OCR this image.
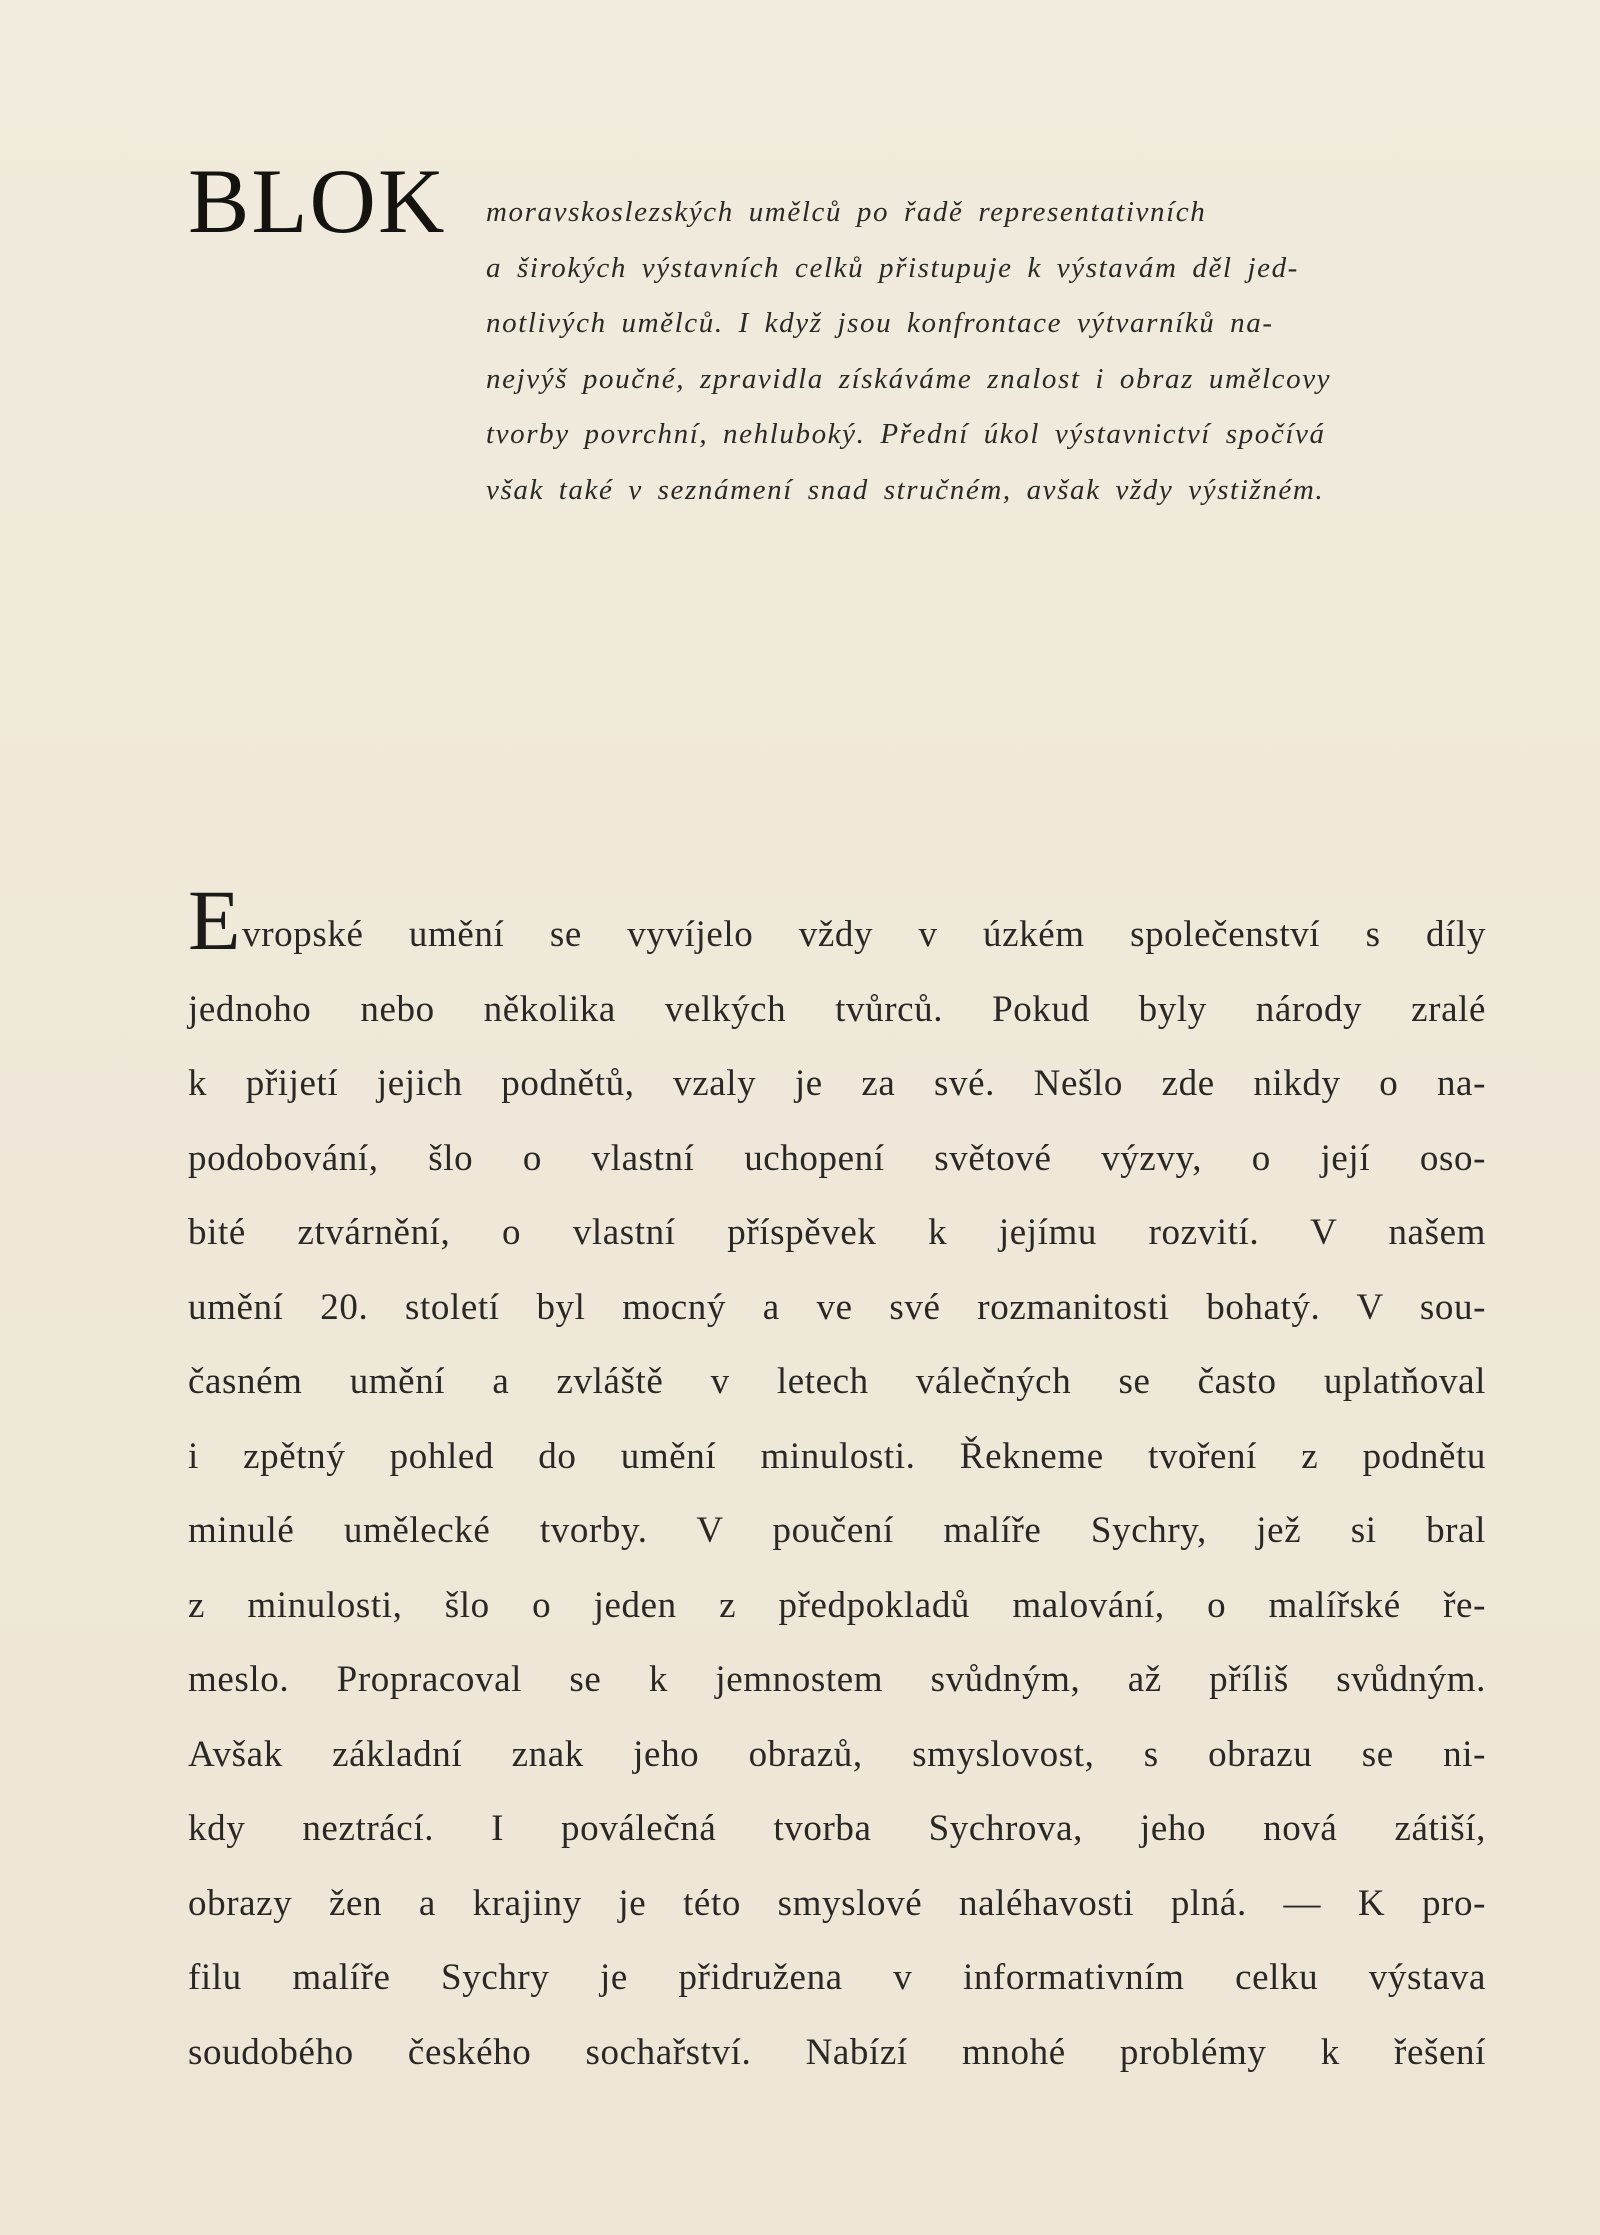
BLOK moravskoslezských umělců po řadě representativních
a širokých výstavních celků přistupuje k výstavám děl jed-
notlivých umělců. I když jsou konfrontace výtvarníků na-
nejvýš poučné, zpravidla získáváme znalost i obraz umělcovy
tvorby povrchní, nehluboký. Přední úkol výstavnictví spočívá
však také v seznámení snad stručném, avšak vždy výstižném.
Evropské umění se vyvíjelo vždy v úzkém společenství s díly
jednoho nebo několika velkých tvůrců. Pokud byly národy zralé
k přijetí jejich podnětů, vzaly je za své. Nešlo zde nikdy o na-
podobování, šlo o vlastní uchopení světové výzvy, o její oso-
bité ztvárnění, o vlastní příspěvek k jejímu rozvití. V našem
umění 20. století byl mocný a ve své rozmanitosti bohatý. V sou-
časném umění a zvláště v letech válečných se často uplatňoval
i zpětný pohled do umění minulosti. Řekneme tvoření z podnětu
minulé umělecké tvorby. V poučení malíře Sychry, jež si bral
z minulosti, šlo o jeden z předpokladů malování, o malířské ře-
meslo. Propracoval se k jemnostem svůdným, až příliš svůdným.
Avšak základní znak jeho obrazů, smyslovost, s obrazu se ni-
kdy neztrácí. I poválečná tvorba Sychrova, jeho nová zátiší,
obrazy žen a krajiny je této smyslové naléhavosti plná. — K pro-
filu malíře Sychry je přidružena v informativním celku výstava
soudobého českého sochařství. Nabízí mnohé problémy k řešení
